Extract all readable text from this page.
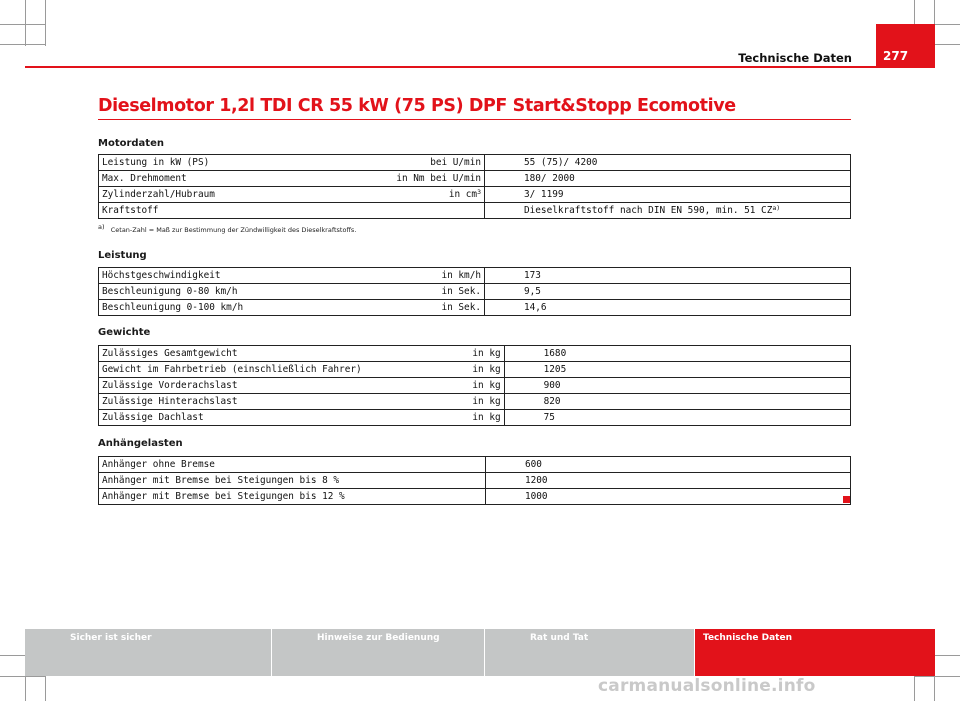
Technische Daten	277
Dieselmotor 1,2l TDI CR 55 kW (75 PS) DPF Start&Stopp Ecomotive
Motordaten
Leistung in kW (PS)	bei U/min	55 (75)/ 4200
Max. Drehmoment	in Nm bei U/min	180/ 2000
Zylinderzahl/Hubraum	in $cm^3$	3/ 1199
Kraftstoff		Dieselkraftstoff nach DIN EN 590, min. 51 CZ$^{a)}$
$^{a)}$ Cetan-Zahl = Maß zur Bestimmung der Zündwilligkeit des Dieselkraftstoffs.
Leistung
Höchstgeschwindigkeit	in km/h	173
Beschleunigung 0-80 km/h	in Sek.	9,5
Beschleunigung 0-100 km/h	in Sek.	14,6
Gewichte
Zulässiges Gesamtgewicht	in kg	1680
Gewicht im Fahrbetrieb (einschließlich Fahrer)	in kg	1205
Zulässige Vorderachslast	in kg	900
Zulässige Hinterachslast	in kg	820
Zulässige Dachlast	in kg	75
Anhängelasten
Anhänger ohne Bremse	600
Anhänger mit Bremse bei Steigungen bis 8 %	1200
Anhänger mit Bremse bei Steigungen bis 12 %	1000
Sicher ist sicher	Hinweise zur Bedienung	Rat und Tat	Technische Daten
carmanualsonline.info
